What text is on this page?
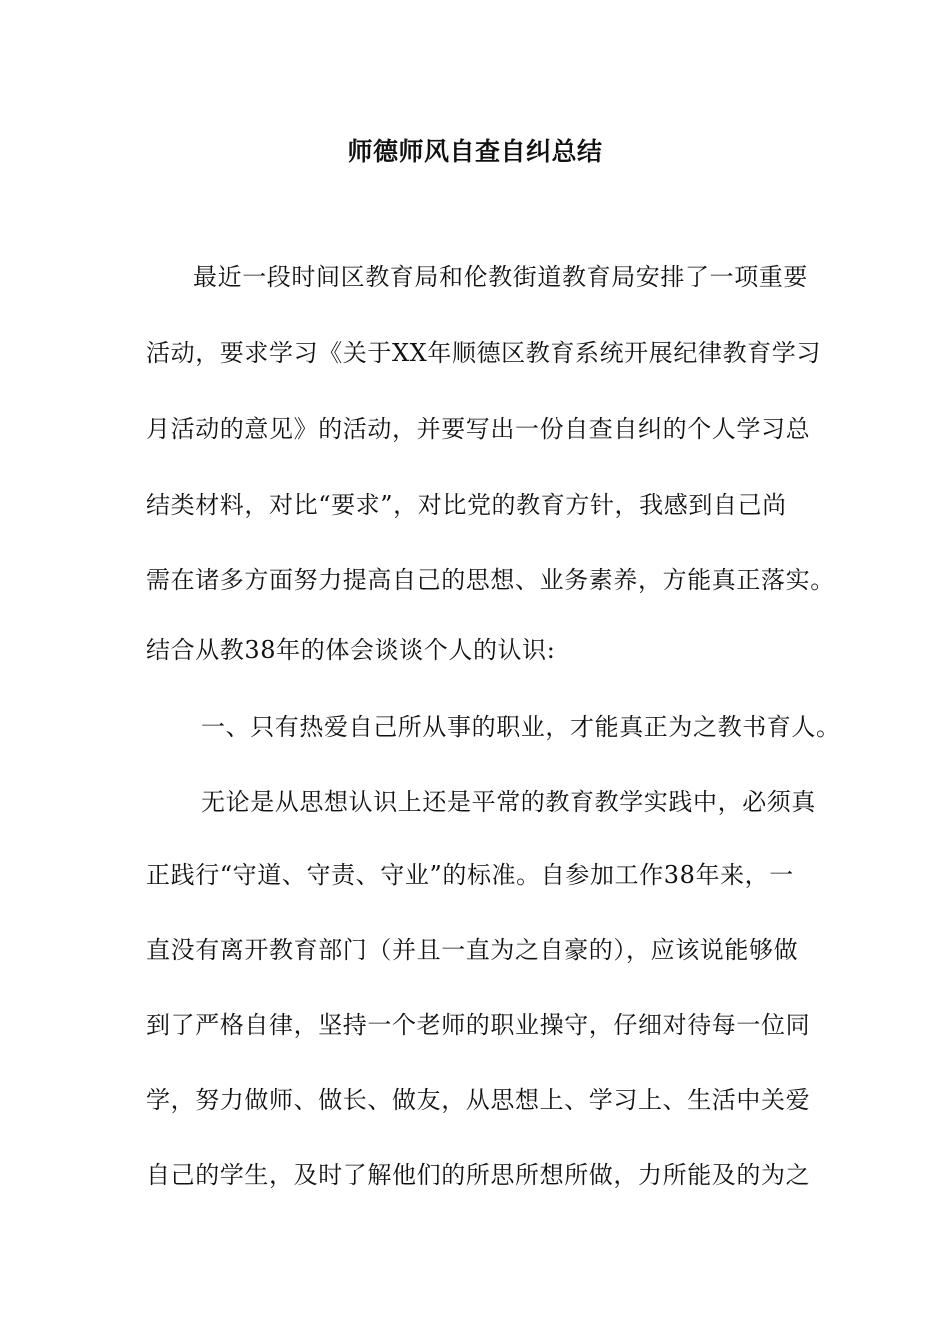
师德师风自查自纠总结
最近一段时间区教育局和伦教街道教育局安排了一项重要
活动，要求学习《关于XX年顺德区教育系统开展纪律教育学习
月活动的意见》的活动，并要写出一份自查自纠的个人学习总
结类材料，对比“要求”，对比党的教育方针，我感到自己尚
需在诸多方面努力提高自己的思想、业务素养，方能真正落实。
结合从教38年的体会谈谈个人的认识:
一、只有热爱自己所从事的职业，才能真正为之教书育人。
无论是从思想认识上还是平常的教育教学实践中，必须真
正践行“守道、守责、守业”的标准。自参加工作38年来，一
直没有离开教育部门（并且一直为之自豪的），应该说能够做
到了严格自律，坚持一个老师的职业操守，仔细对待每一位同
学，努力做师、做长、做友，从思想上、学习上、生活中关爱
自己的学生，及时了解他们的所思所想所做，力所能及的为之
